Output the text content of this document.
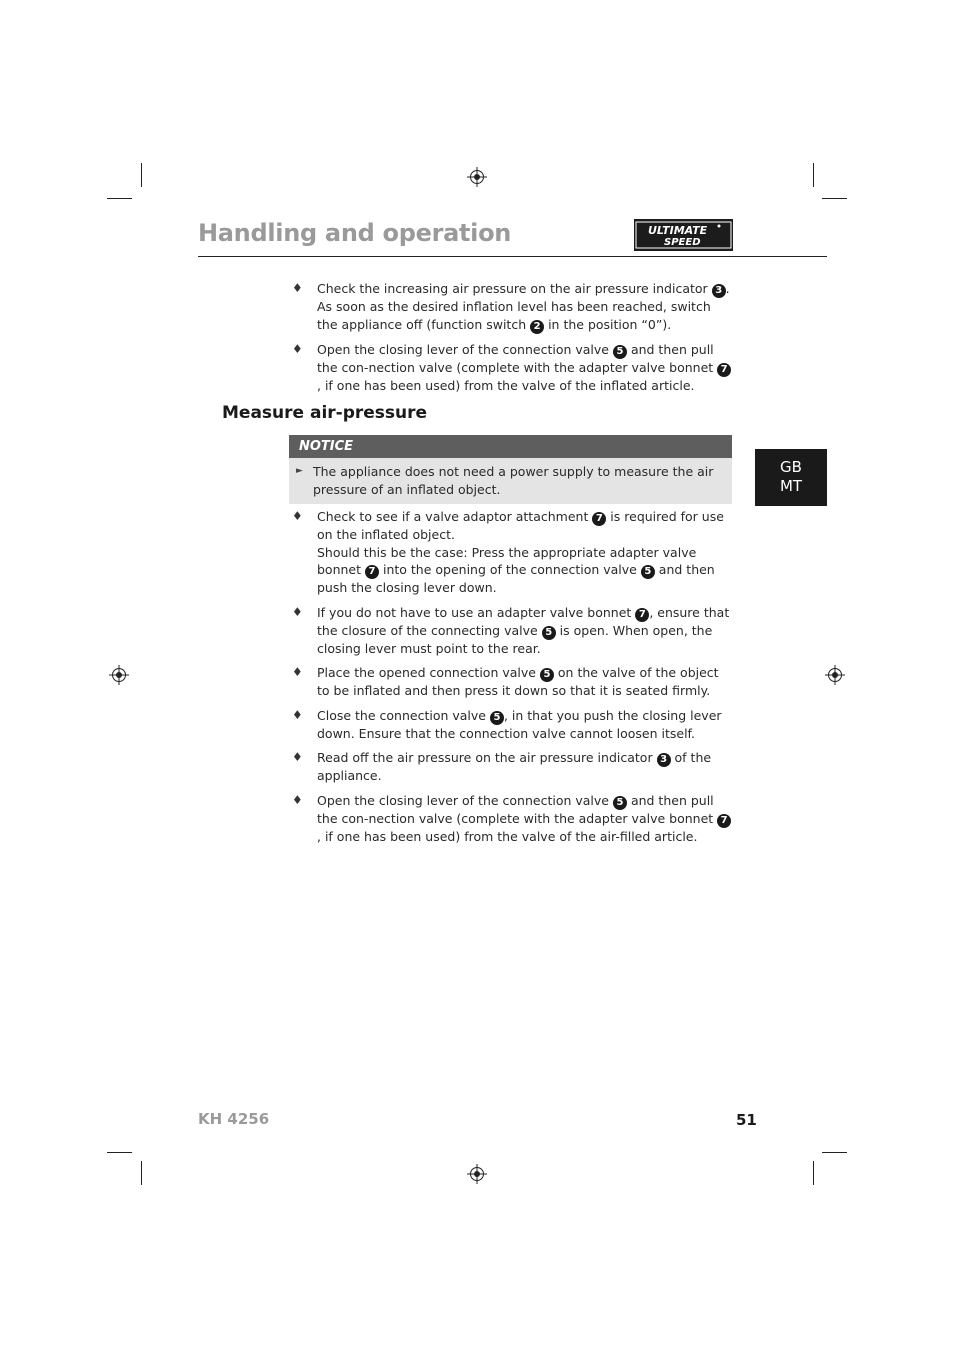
Handling and operation	ULTIMATE
SPEED
♦ Check the increasing air pressure on the air pressure indicator 3 . As soon as the desired inflation level has been reached, switch the appliance off (function switch 2 in the position “0”).
♦ Open the closing lever of the connection valve 5 and then pull the con-nection valve (complete with the adapter valve bonnet 7, if one has been used) from the valve of the inflated article.
Measure air-pressure
NOTICE
► The appliance does not need a power supply to measure the air pressure of an inflated object.
GB
MT
♦ Check to see if a valve adaptor attachment 7 is required for use on the inflated object.
Should this be the case: Press the appropriate adapter valve bonnet 7 into the opening of the connection valve 5 and then push the closing lever down.
♦ If you do not have to use an adapter valve bonnet 7 , ensure that the closure of the connecting valve 5 is open. When open, the closing lever must point to the rear.
♦ Place the opened connection valve 5 on the valve of the object to be inflated and then press it down so that it is seated firmly.
♦ Close the connection valve 5 , in that you push the closing lever down. Ensure that the connection valve cannot loosen itself.
♦ Read off the air pressure on the air pressure indicator 3 of the appliance.
♦ Open the closing lever of the connection valve 5 and then pull the con-nection valve (complete with the adapter valve bonnet 7, if one has been used) from the valve of the air-filled article.
KH 4256	51
